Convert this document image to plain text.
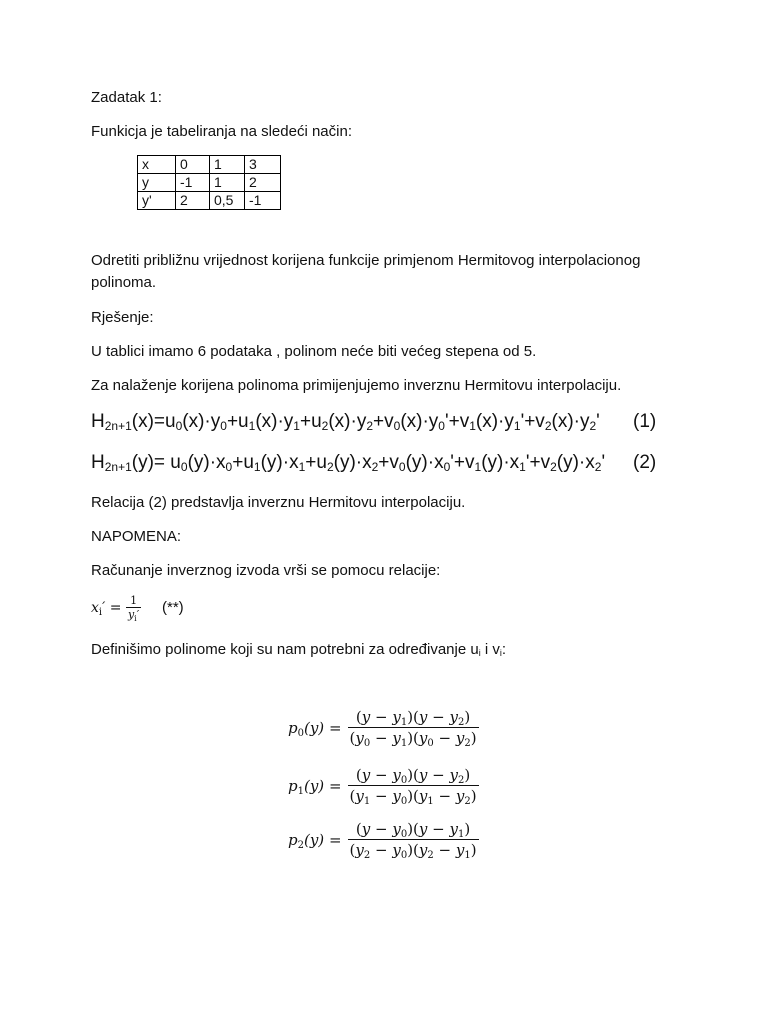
Zadatak 1:
Funkicja je tabeliranja na sledeći način:
x	0	1	3
y	-1	1	2
y'	2	0,5	-1
Odretiti približnu vrijednost korijena funkcije primjenom Hermitovog interpolacionog
polinoma.
Rješenje:
U tablici imamo 6 podataka , polinom neće biti većeg stepena od 5.
Za nalaženje korijena polinoma primijenjujemo inverznu Hermitovu interpolaciju.
$H_{2n+1}(x)=u_0(x)\cdot y_0+u_1(x)\cdot y_1+u_2(x)\cdot y_2+v_0(x)\cdot y_0'+v_1(x)\cdot y_1'+v_2(x)\cdot y_2'$ (1)
$H_{2n+1}(y)= u_0(y)\cdot x_0+u_1(y)\cdot x_1+u_2(y)\cdot x_2+v_0(y)\cdot x_0'+v_1(y)\cdot x_1'+v_2(y)\cdot x_2'$ (2)
Relacija (2) predstavlja inverznu Hermitovu interpolaciju.
NAPOMENA:
Računanje inverznog izvoda vrši se pomocu relacije:
$x_i' = \frac{1}{y_i'}$ (**)
Definišimo polinome koji su nam potrebni za određivanje ui i vi:
$p_0(y) = \frac{(y - y_1)(y - y_2)}{(y_0 - y_1)(y_0 - y_2)}$
$p_1(y) = \frac{(y - y_0)(y - y_2)}{(y_1 - y_0)(y_1 - y_2)}$
$p_2(y) = \frac{(y - y_0)(y - y_1)}{(y_2 - y_0)(y_2 - y_1)}$
